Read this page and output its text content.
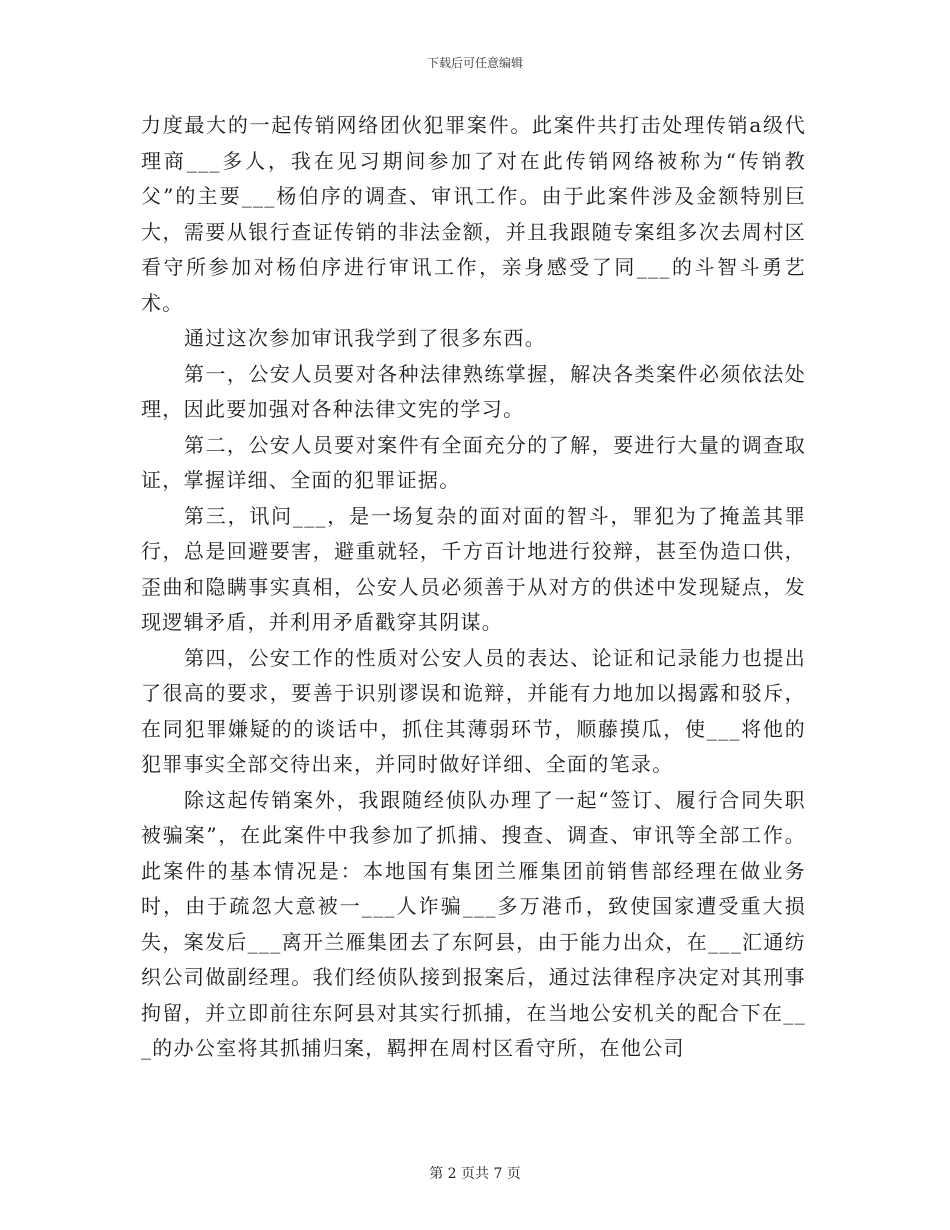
下载后可任意编辑

力度最大的一起传销网络团伙犯罪案件。此案件共打击处理传销a级代理商___多人，我在见习期间参加了对在此传销网络被称为“传销教父”的主要___杨伯序的调查、审讯工作。由于此案件涉及金额特别巨大，需要从银行查证传销的非法金额，并且我跟随专案组多次去周村区看守所参加对杨伯序进行审讯工作，亲身感受了同___的斗智斗勇艺术。

通过这次参加审讯我学到了很多东西。

第一，公安人员要对各种法律熟练掌握，解决各类案件必须依法处理，因此要加强对各种法律文宪的学习。

第二，公安人员要对案件有全面充分的了解，要进行大量的调查取证，掌握详细、全面的犯罪证据。

第三，讯问___，是一场复杂的面对面的智斗，罪犯为了掩盖其罪行，总是回避要害，避重就轻，千方百计地进行狡辩，甚至伪造口供，歪曲和隐瞒事实真相，公安人员必须善于从对方的供述中发现疑点，发现逻辑矛盾，并利用矛盾戳穿其阴谋。

第四，公安工作的性质对公安人员的表达、论证和记录能力也提出了很高的要求，要善于识别谬误和诡辩，并能有力地加以揭露和驳斥，在同犯罪嫌疑的的谈话中，抓住其薄弱环节，顺藤摸瓜，使___将他的犯罪事实全部交待出来，并同时做好详细、全面的笔录。

除这起传销案外，我跟随经侦队办理了一起“签订、履行合同失职被骗案”，在此案件中我参加了抓捕、搜查、调查、审讯等全部工作。此案件的基本情况是：本地国有集团兰雁集团前销售部经理在做业务时，由于疏忽大意被一___人诈骗___多万港币，致使国家遭受重大损失，案发后___离开兰雁集团去了东阿县，由于能力出众，在___汇通纺织公司做副经理。我们经侦队接到报案后，通过法律程序决定对其刑事拘留，并立即前往东阿县对其实行抓捕，在当地公安机关的配合下在___的办公室将其抓捕归案，羁押在周村区看守所，在他公司

第 2 页共 7 页
